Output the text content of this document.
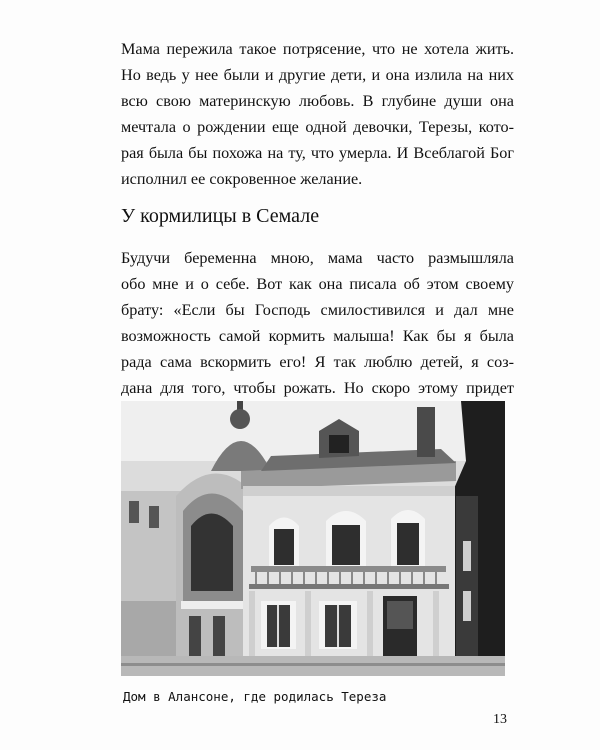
Мама пережила такое потрясение, что не хотела жить.
Но ведь у нее были и другие дети, и она излила на них
всю свою материнскую любовь. В глубине души она
мечтала о рождении еще одной девочки, Терезы, кото-
рая была бы похожа на ту, что умерла. И Всеблагой Бог
исполнил ее сокровенное желание.

У кормилицы в Семале

Будучи беременна мною, мама часто размышляла
обо мне и о себе. Вот как она писала об этом своему
брату: «Если бы Господь смилостивился и дал мне
возможность самой кормить малыша! Как бы я была
рада сама вскормить его! Я так люблю детей, я соз-
дана для того, чтобы рожать. Но скоро этому придет

Дом в Алансоне, где родилась Тереза
13
